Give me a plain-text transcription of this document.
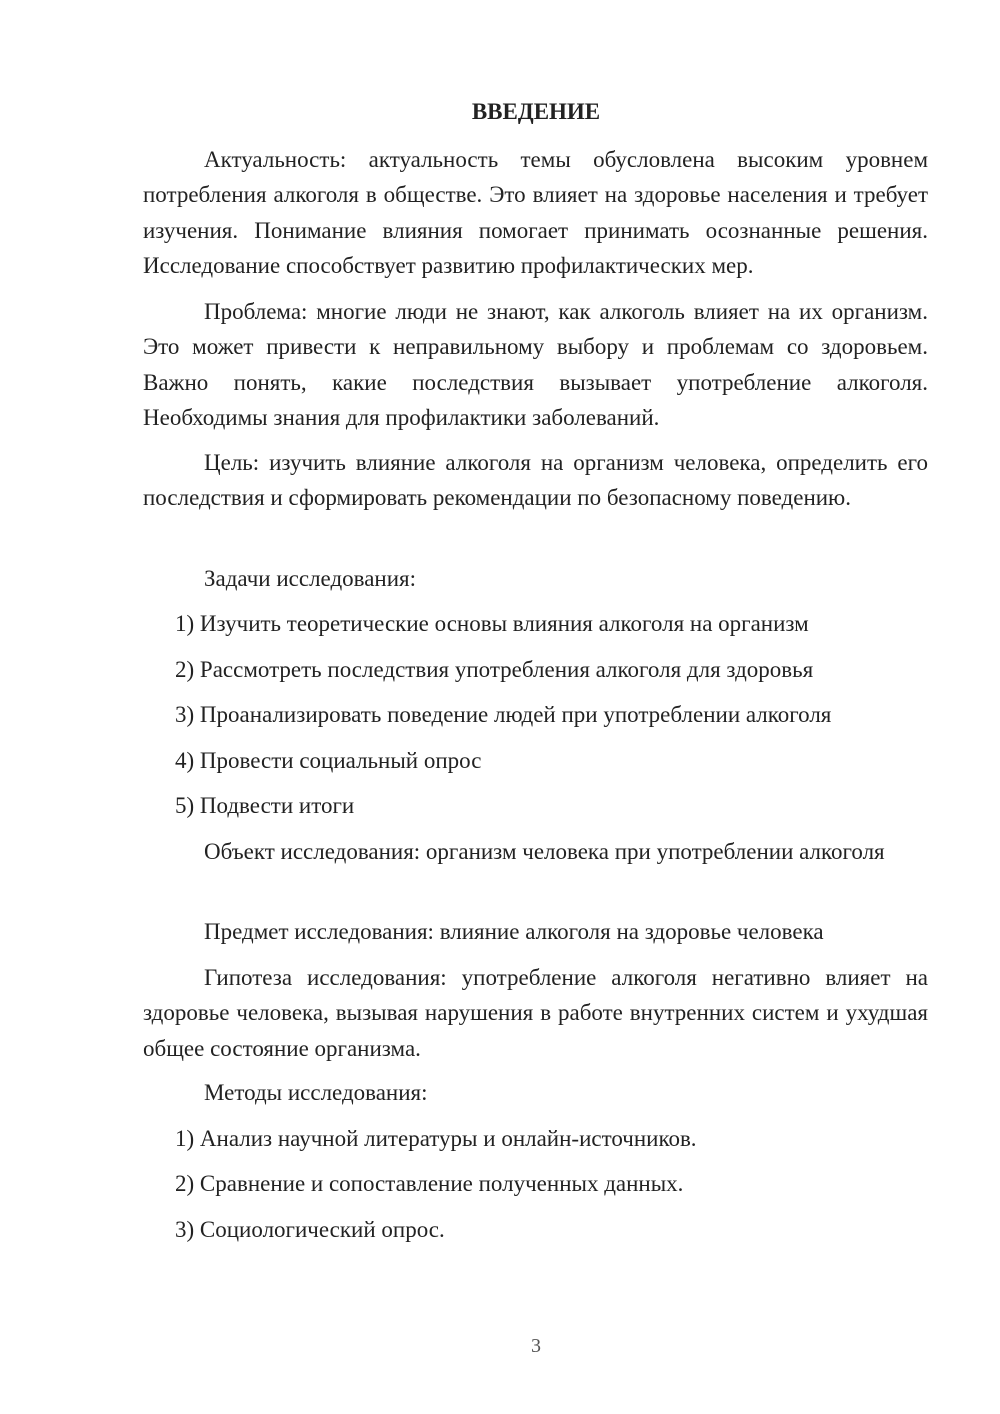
ВВЕДЕНИЕ

Актуальность: актуальность темы обусловлена высоким уровнем потребления алкоголя в обществе. Это влияет на здоровье населения и требует изучения. Понимание влияния помогает принимать осознанные решения. Исследование способствует развитию профилактических мер.

Проблема: многие люди не знают, как алкоголь влияет на их организм. Это может привести к неправильному выбору и проблемам со здоровьем. Важно понять, какие последствия вызывает употребление алкоголя. Необходимы знания для профилактики заболеваний.

Цель: изучить влияние алкоголя на организм человека, определить его последствия и сформировать рекомендации по безопасному поведению.

Задачи исследования:

1) Изучить теоретические основы влияния алкоголя на организм

2) Рассмотреть последствия употребления алкоголя для здоровья

3) Проанализировать поведение людей при употреблении алкоголя

4) Провести социальный опрос

5) Подвести итоги

Объект исследования: организм человека при употреблении алкоголя

Предмет исследования: влияние алкоголя на здоровье человека

Гипотеза исследования: употребление алкоголя негативно влияет на здоровье человека, вызывая нарушения в работе внутренних систем и ухудшая общее состояние организма.

Методы исследования:

1) Анализ научной литературы и онлайн-источников.

2) Сравнение и сопоставление полученных данных.

3) Социологический опрос.

3
